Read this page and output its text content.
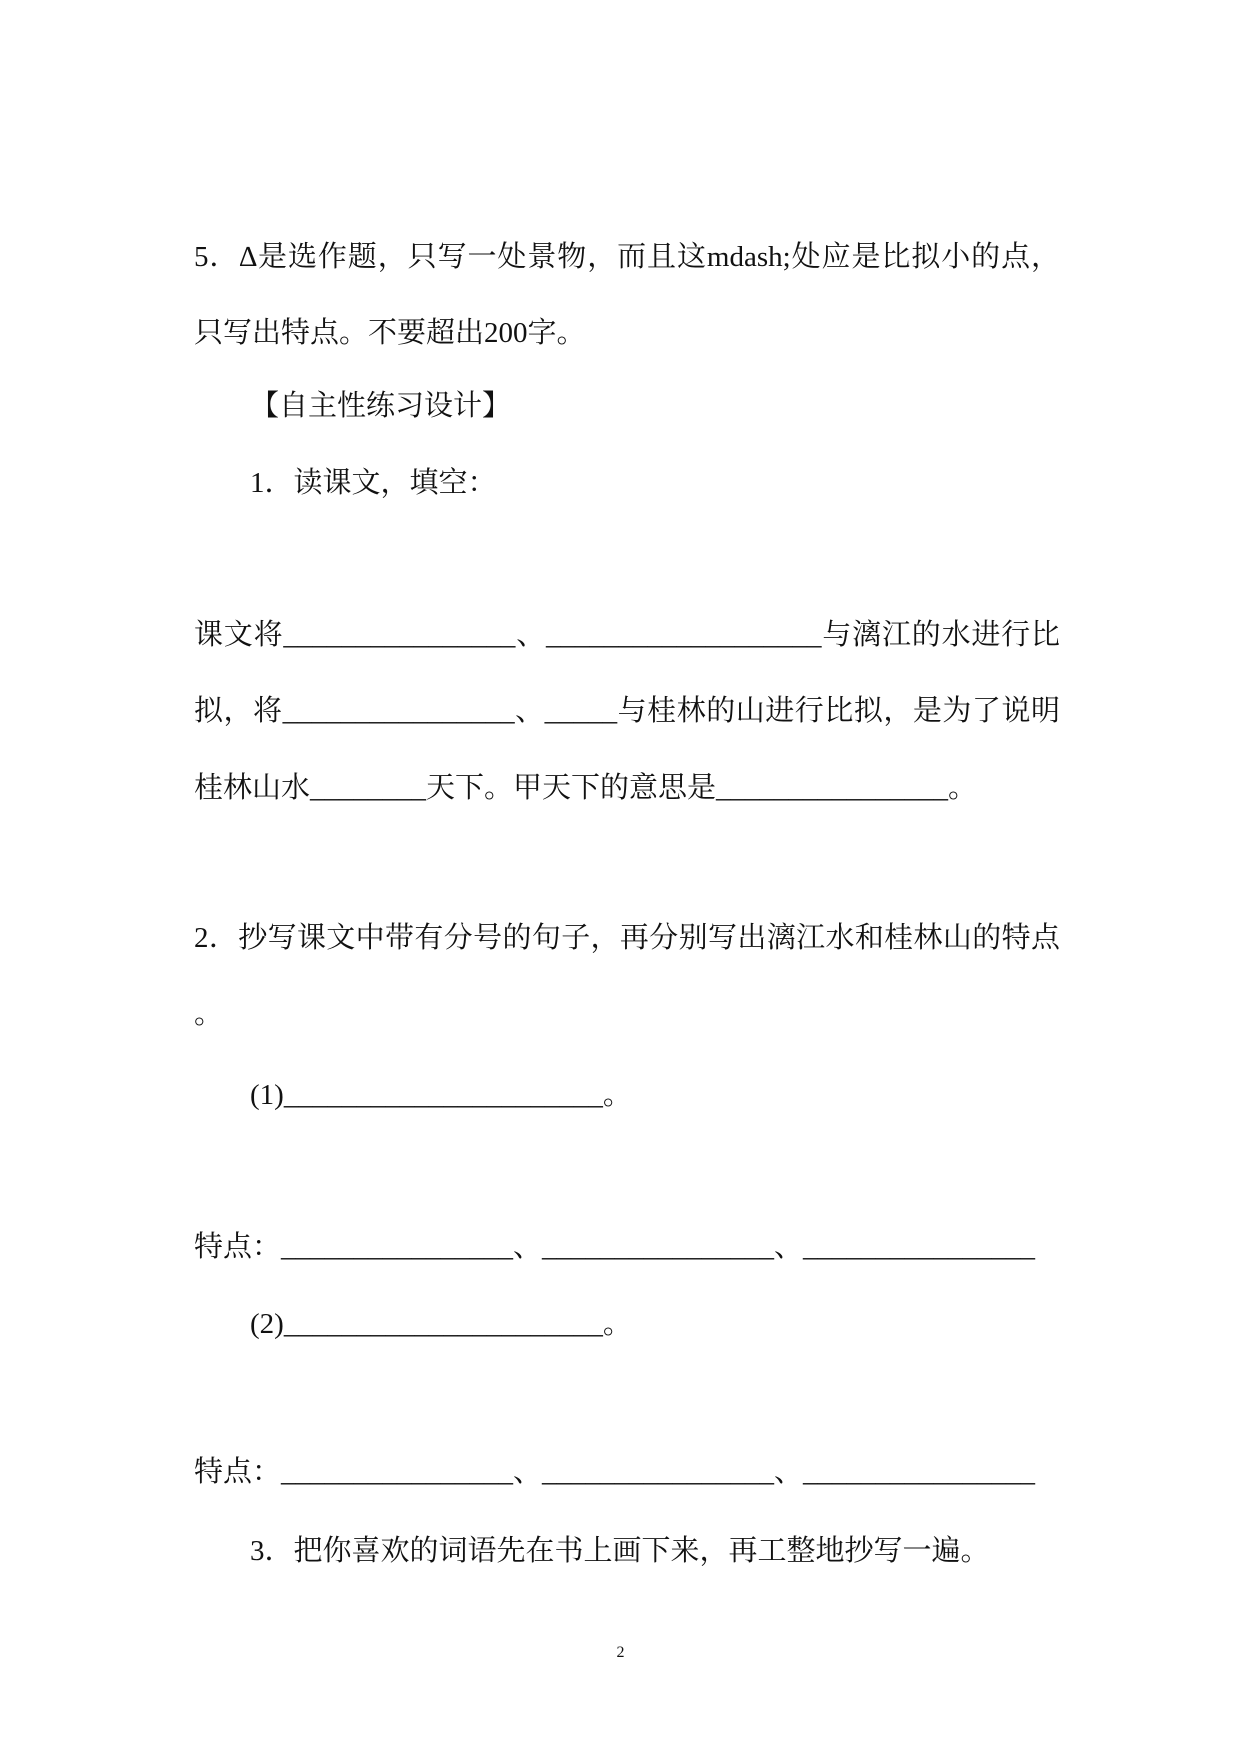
5．∆是选作题，只写一处景物，而且这mdash;处应是比拟小的点，
只写出特点。不要超出200字。
【自主性练习设计】
1．读课文，填空：
课文将________________、___________________与漓江的水进行比
拟，将________________、_____与桂林的山进行比拟，是为了说明
桂林山水________天下。甲天下的意思是________________。
2．抄写课文中带有分号的句子，再分别写出漓江水和桂林山的特点
。
(1)______________________。
特点：________________、________________、________________
(2)______________________。
特点：________________、________________、________________
3．把你喜欢的词语先在书上画下来，再工整地抄写一遍。
2
